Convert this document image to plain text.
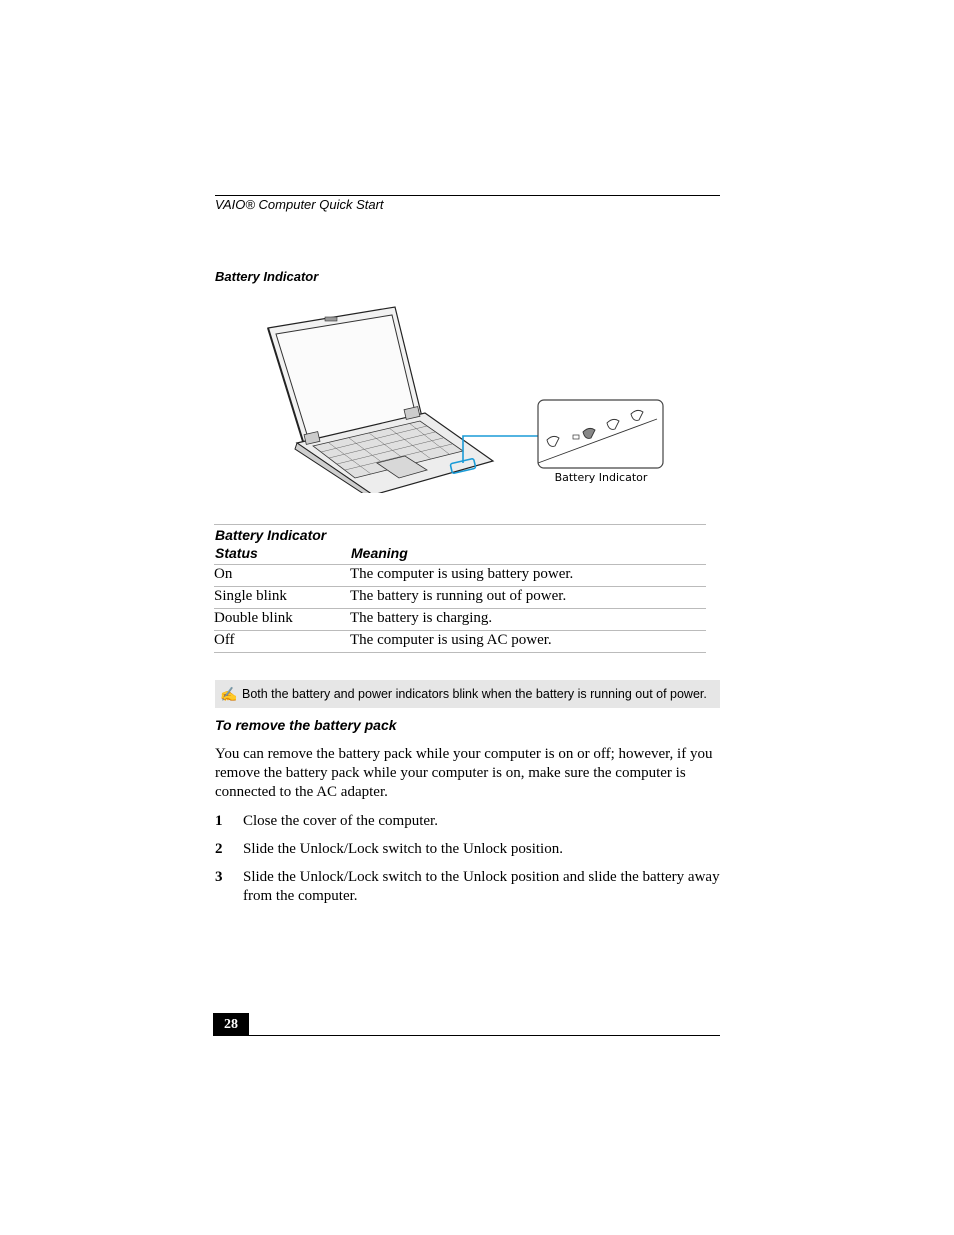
VAIO® Computer Quick Start
Battery Indicator
Battery Indicator
Battery Indicator
Status	Meaning
On	The computer is using battery power.
Single blink	The battery is running out of power.
Double blink	The battery is charging.
Off	The computer is using AC power.
✍ Both the battery and power indicators blink when the battery is running out of power.
To remove the battery pack
You can remove the battery pack while your computer is on or off; however, if you remove the battery pack while your computer is on, make sure the computer is connected to the AC adapter.
1	Close the cover of the computer.
2	Slide the Unlock/Lock switch to the Unlock position.
3	Slide the Unlock/Lock switch to the Unlock position and slide the battery away from the computer.
28
